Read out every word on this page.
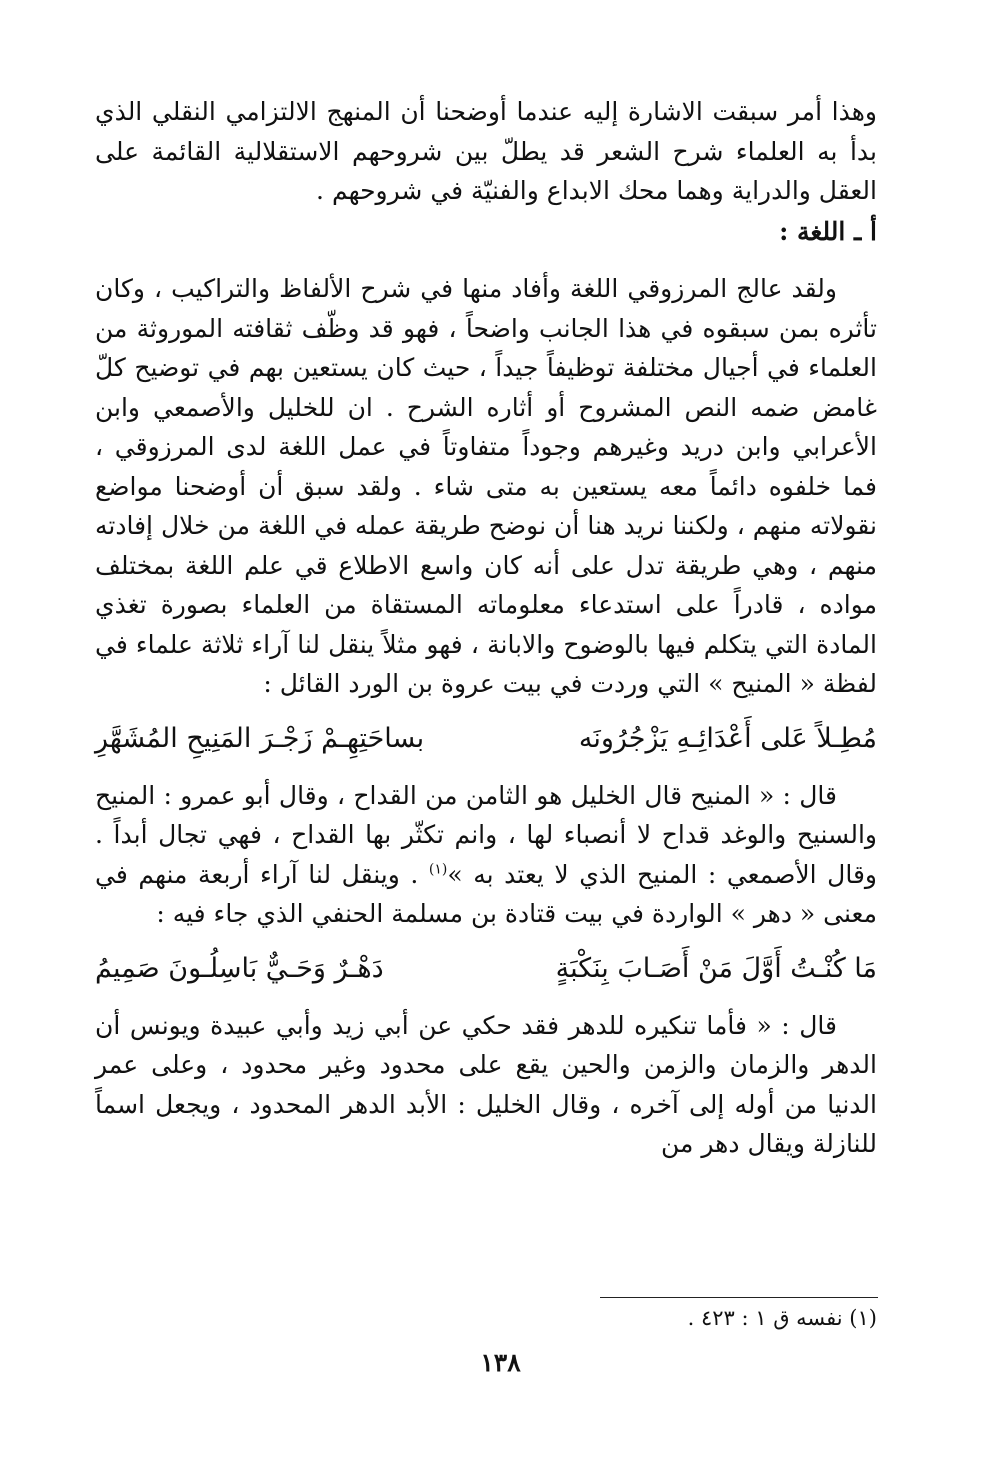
وهذا أمر سبقت الاشارة إليه عندما أوضحنا أن المنهج الالتزامي النقلي الذي بدأ به العلماء شرح الشعر قد يطلّ بين شروحهم الاستقلالية القائمة على العقل والدراية وهما محك الابداع والفنيّة في شروحهم .

أ ـ اللغة :

ولقد عالج المرزوقي اللغة وأفاد منها في شرح الألفاظ والتراكيب ، وكان تأثره بمن سبقوه في هذا الجانب واضحاً ، فهو قد وظّف ثقافته الموروثة من العلماء في أجيال مختلفة توظيفاً جيداً ، حيث كان يستعين بهم في توضيح كلّ غامض ضمه النص المشروح أو أثاره الشرح . ان للخليل والأصمعي وابن الأعرابي وابن دريد وغيرهم وجوداً متفاوتاً في عمل اللغة لدى المرزوقي ، فما خلفوه دائماً معه يستعين به متى شاء . ولقد سبق أن أوضحنا مواضع نقولاته منهم ، ولكننا نريد هنا أن نوضح طريقة عمله في اللغة من خلال إفادته منهم ، وهي طريقة تدل على أنه كان واسع الاطلاع قي علم اللغة بمختلف مواده ، قادراً على استدعاء معلوماته المستقاة من العلماء بصورة تغذي المادة التي يتكلم فيها بالوضوح والابانة ، فهو مثلاً ينقل لنا آراء ثلاثة علماء في لفظة « المنيح » التي وردت في بيت عروة بن الورد القائل :

مُطِـلاً عَلى أَعْدَائِـهِ يَزْجُرُونَه
بساحَتِهِـمْ زَجْـرَ المَنِيحِ المُشَهَّرِ

قال : « المنيح قال الخليل هو الثامن من القداح ، وقال أبو عمرو : المنيح والسنيح والوغد قداح لا أنصباء لها ، وانم تكثّر بها القداح ، فهي تجال أبداً . وقال الأصمعي : المنيح الذي لا يعتد به »$^{(١)}$ . وينقل لنا آراء أربعة منهم في معنى « دهر » الواردة في بيت قتادة بن مسلمة الحنفي الذي جاء فيه :

مَا كُنْـتُ أَوَّلَ مَنْ أَصَـابَ بِنَكْبَةٍ
دَهْـرٌ وَحَـيٌّ بَاسِلُـونَ صَمِيمُ

قال : « فأما تنكيره للدهر فقد حكي عن أبي زيد وأبي عبيدة ويونس أن الدهر والزمان والزمن والحين يقع على محدود وغير محدود ، وعلى عمر الدنيا من أوله إلى آخره ، وقال الخليل : الأبد الدهر المحدود ، ويجعل اسماً للنازلة ويقال دهر من

(١) نفسه ق ١ : ٤٢٣ .
١٣٨
